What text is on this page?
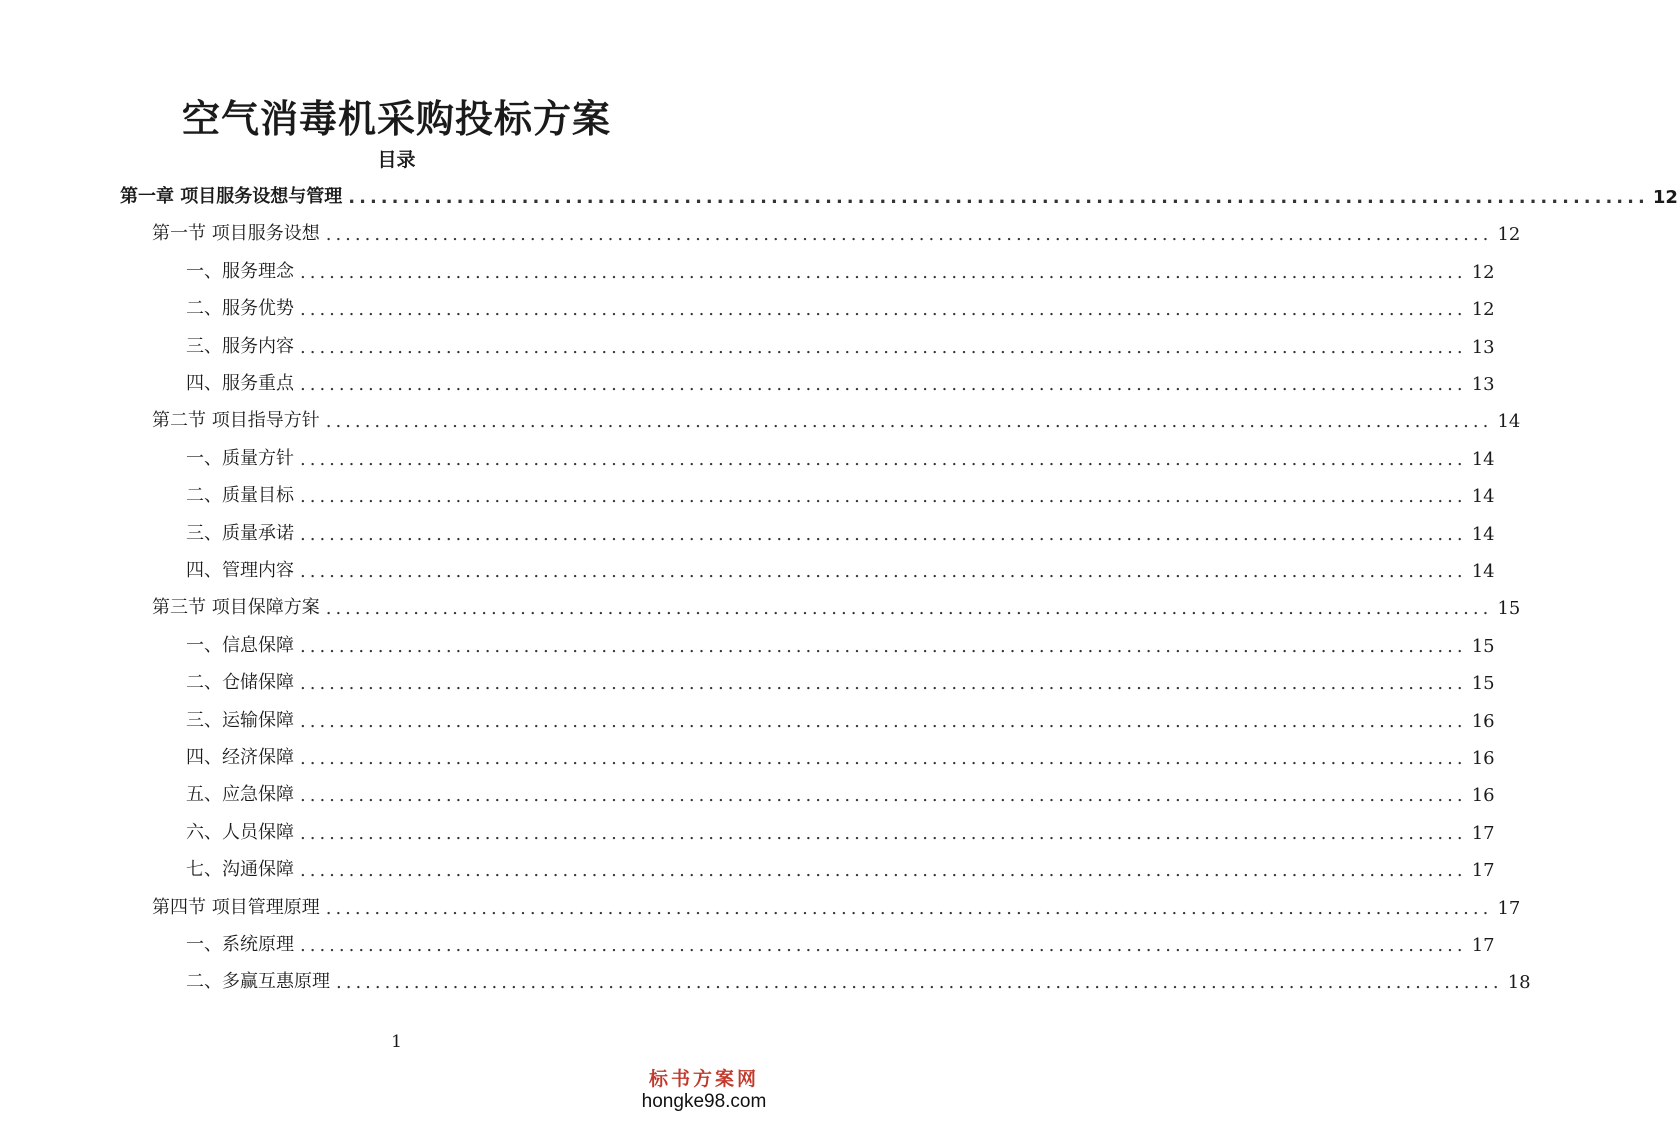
空气消毒机采购投标方案
目录
第一章 项目服务设想与管理 ........................................................................................................................ 12
第一节 项目服务设想 ........................................................................................................................ 12
一、服务理念 ........................................................................................................................ 12
二、服务优势 ........................................................................................................................ 12
三、服务内容 ........................................................................................................................ 13
四、服务重点 ........................................................................................................................ 13
第二节 项目指导方针 ........................................................................................................................ 14
一、质量方针 ........................................................................................................................ 14
二、质量目标 ........................................................................................................................ 14
三、质量承诺 ........................................................................................................................ 14
四、管理内容 ........................................................................................................................ 14
第三节 项目保障方案 ........................................................................................................................ 15
一、信息保障 ........................................................................................................................ 15
二、仓储保障 ........................................................................................................................ 15
三、运输保障 ........................................................................................................................ 16
四、经济保障 ........................................................................................................................ 16
五、应急保障 ........................................................................................................................ 16
六、人员保障 ........................................................................................................................ 17
七、沟通保障 ........................................................................................................................ 17
第四节 项目管理原理 ........................................................................................................................ 17
一、系统原理 ........................................................................................................................ 17
二、多赢互惠原理 ........................................................................................................................ 18
1
标书方案网
hongke98.com
